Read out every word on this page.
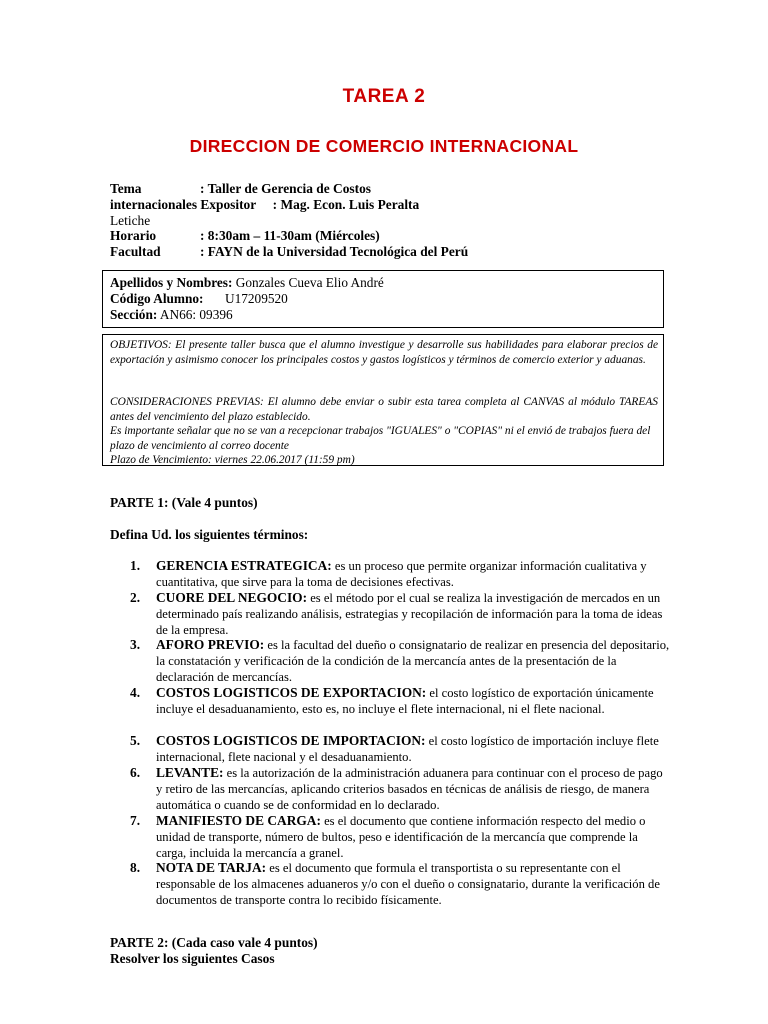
TAREA 2
DIRECCION DE COMERCIO INTERNACIONAL
Tema	: Taller de Gerencia de Costos
internacionales Expositor     : Mag. Econ. Luis Peralta
Letiche
Horario	: 8:30am – 11-30am (Miércoles)
Facultad	: FAYN de la Universidad Tecnológica del Perú
Apellidos y Nombres: Gonzales Cueva Elio André
Código Alumno: U17209520
Sección: AN66: 09396
OBJETIVOS: El presente taller busca que el alumno investigue y desarrolle sus habilidades para elaborar precios de exportación y asimismo conocer los principales costos y gastos logísticos y términos de comercio exterior y aduanas.
CONSIDERACIONES PREVIAS: El alumno debe enviar o subir esta tarea completa al CANVAS al módulo TAREAS antes del vencimiento del plazo establecido.
Es importante señalar que no se van a recepcionar trabajos "IGUALES" o "COPIAS" ni el envió de trabajos fuera del plazo de vencimiento al correo docente
Plazo de Vencimiento: viernes 22.06.2017 (11:59 pm)
PARTE 1: (Vale 4 puntos)
Defina Ud. los siguientes términos:
1. GERENCIA ESTRATEGICA: es un proceso que permite organizar información cualitativa y cuantitativa, que sirve para la toma de decisiones efectivas.
2. CUORE DEL NEGOCIO: es el método por el cual se realiza la investigación de mercados en un determinado país realizando análisis, estrategias y recopilación de información para la toma de ideas de la empresa.
3. AFORO PREVIO: es la facultad del dueño o consignatario de realizar en presencia del depositario, la constatación y verificación de la condición de la mercancía antes de la presentación de la declaración de mercancías.
4. COSTOS LOGISTICOS DE EXPORTACION: el costo logístico de exportación únicamente incluye el desaduanamiento, esto es, no incluye el flete internacional, ni el flete nacional.
5. COSTOS LOGISTICOS DE IMPORTACION: el costo logístico de importación incluye flete internacional, flete nacional y el desaduanamiento.
6. LEVANTE: es la autorización de la administración aduanera para continuar con el proceso de pago y retiro de las mercancías, aplicando criterios basados en técnicas de análisis de riesgo, de manera automática o cuando se de conformidad en lo declarado.
7. MANIFIESTO DE CARGA: es el documento que contiene información respecto del medio o unidad de transporte, número de bultos, peso e identificación de la mercancía que comprende la carga, incluida la mercancía a granel.
8. NOTA DE TARJA: es el documento que formula el transportista o su representante con el responsable de los almacenes aduaneros y/o con el dueño o consignatario, durante la verificación de documentos de transporte contra lo recibido físicamente.
PARTE 2: (Cada caso vale 4 puntos)
Resolver los siguientes Casos
